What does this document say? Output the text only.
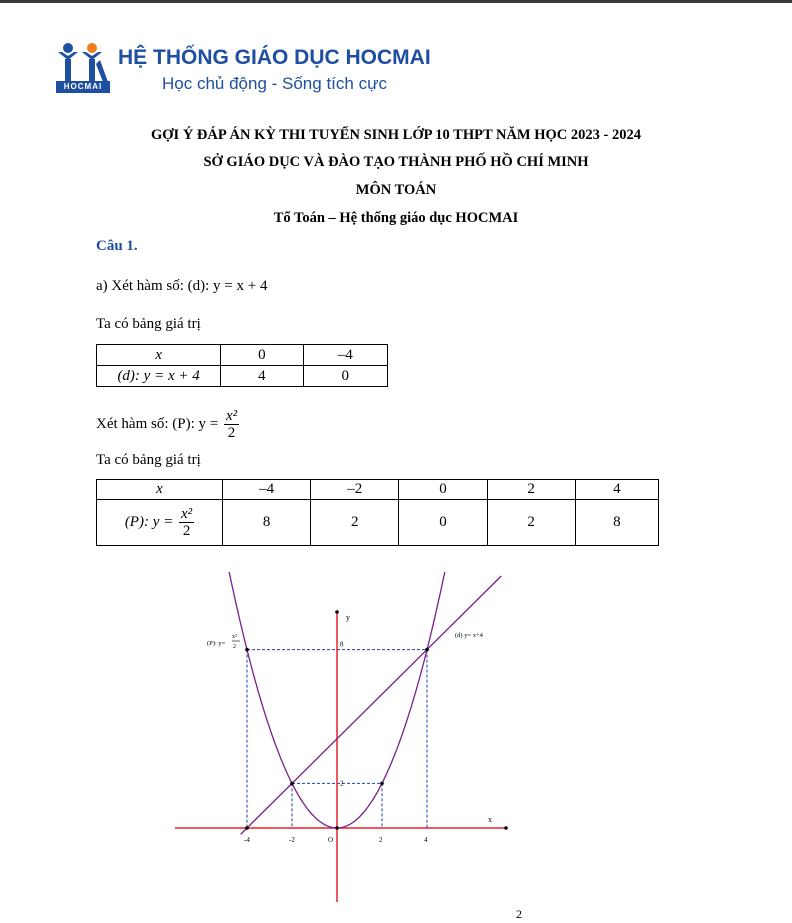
HOCMAI
HỆ THỐNG GIÁO DỤC HOCMAI
Học chủ động - Sống tích cực
GỢI Ý ĐÁP ÁN KỲ THI TUYỂN SINH LỚP 10 THPT NĂM HỌC 2023 - 2024
SỞ GIÁO DỤC VÀ ĐÀO TẠO THÀNH PHỐ HỒ CHÍ MINH
MÔN TOÁN
Tổ Toán – Hệ thống giáo dục HOCMAI
Câu 1.
a) Xét hàm số: (d): y = x + 4
Ta có bảng giá trị
x	0	–4
(d): y = x + 4	4	0
Xét hàm số: (P): $y = \frac{\text{x²}}{2}$
Ta có bảng giá trị
x	–4	–2	0	2	4
(P): $y = \frac{\text{x²}}{2}$	8	2	0	2	8
x
y
-4	-2	O	2	4
2
8
(P): y=
x²
2
(d) y= x+4
2
